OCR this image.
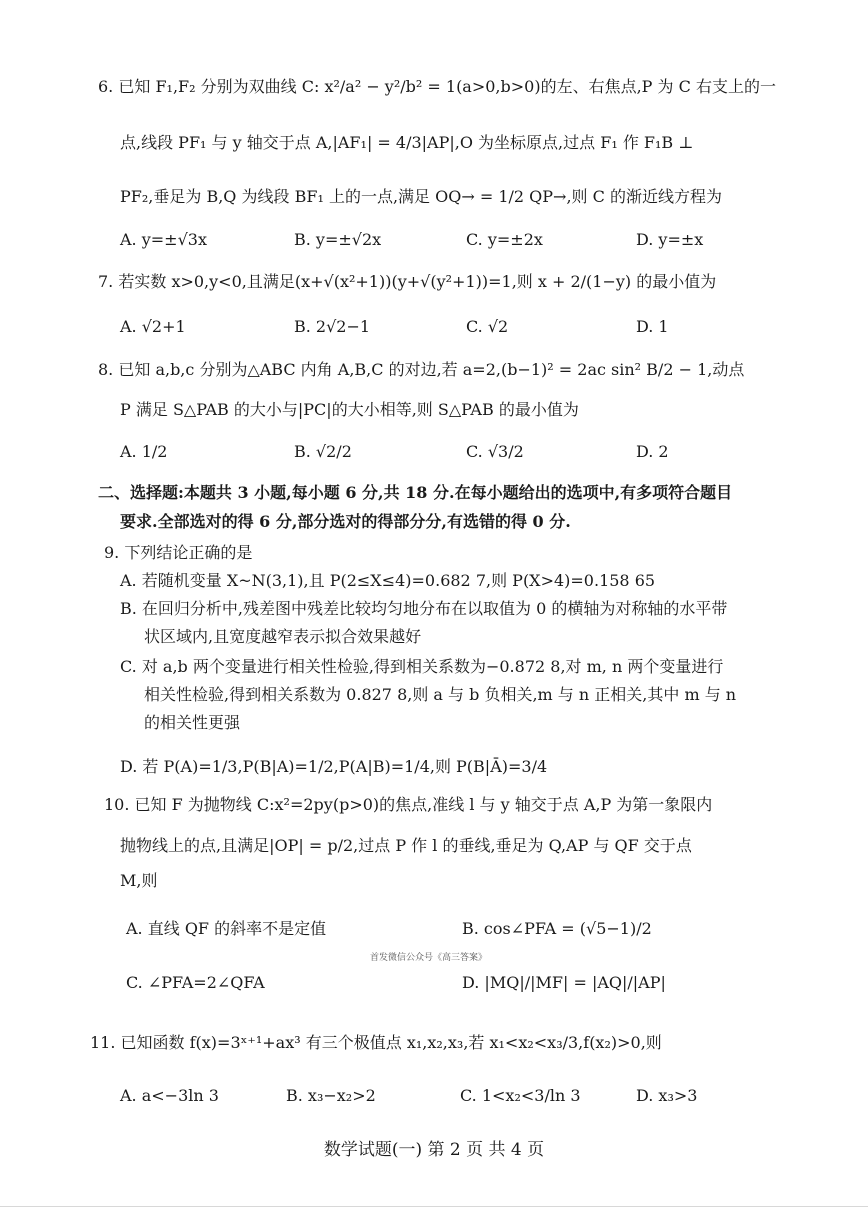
6. 已知 F₁,F₂ 分别为双曲线 C: x²/a² − y²/b² = 1(a>0,b>0)的左、右焦点,P 为 C 右支上的一
点,线段 PF₁ 与 y 轴交于点 A,|AF₁| = 4/3|AP|,O 为坐标原点,过点 F₁ 作 F₁B ⊥
PF₂,垂足为 B,Q 为线段 BF₁ 上的一点,满足 OQ→ = 1/2 QP→,则 C 的渐近线方程为
A. y=±√3x	B. y=±√2x	C. y=±2x	D. y=±x
7. 若实数 x>0,y<0,且满足(x+√(x²+1))(y+√(y²+1))=1,则 x + 2/(1−y) 的最小值为
A. √2+1	B. 2√2−1	C. √2	D. 1
8. 已知 a,b,c 分别为△ABC 内角 A,B,C 的对边,若 a=2,(b−1)² = 2ac sin² B/2 − 1,动点
P 满足 S△PAB 的大小与|PC|的大小相等,则 S△PAB 的最小值为
A. 1/2	B. √2/2	C. √3/2	D. 2
二、选择题:本题共 3 小题,每小题 6 分,共 18 分.在每小题给出的选项中,有多项符合题目
要求.全部选对的得 6 分,部分选对的得部分分,有选错的得 0 分.
9. 下列结论正确的是
A. 若随机变量 X~N(3,1),且 P(2≤X≤4)=0.682 7,则 P(X>4)=0.158 65
B. 在回归分析中,残差图中残差比较均匀地分布在以取值为 0 的横轴为对称轴的水平带
状区域内,且宽度越窄表示拟合效果越好
C. 对 a,b 两个变量进行相关性检验,得到相关系数为−0.872 8,对 m, n 两个变量进行
相关性检验,得到相关系数为 0.827 8,则 a 与 b 负相关,m 与 n 正相关,其中 m 与 n
的相关性更强
D. 若 P(A)=1/3,P(B|A)=1/2,P(A|B)=1/4,则 P(B|Ā)=3/4
10. 已知 F 为抛物线 C:x²=2py(p>0)的焦点,准线 l 与 y 轴交于点 A,P 为第一象限内
抛物线上的点,且满足|OP| = p/2,过点 P 作 l 的垂线,垂足为 Q,AP 与 QF 交于点
M,则
A. 直线 QF 的斜率不是定值	B. cos∠PFA = (√5−1)/2
首发微信公众号《高三答案》
C. ∠PFA=2∠QFA	D. |MQ|/|MF| = |AQ|/|AP|
11. 已知函数 f(x)=3ˣ⁺¹+ax³ 有三个极值点 x₁,x₂,x₃,若 x₁<x₂<x₃/3,f(x₂)>0,则
A. a<−3ln 3	B. x₃−x₂>2	C. 1<x₂<3/ln 3	D. x₃>3
数学试题(一) 第 2 页 共 4 页
